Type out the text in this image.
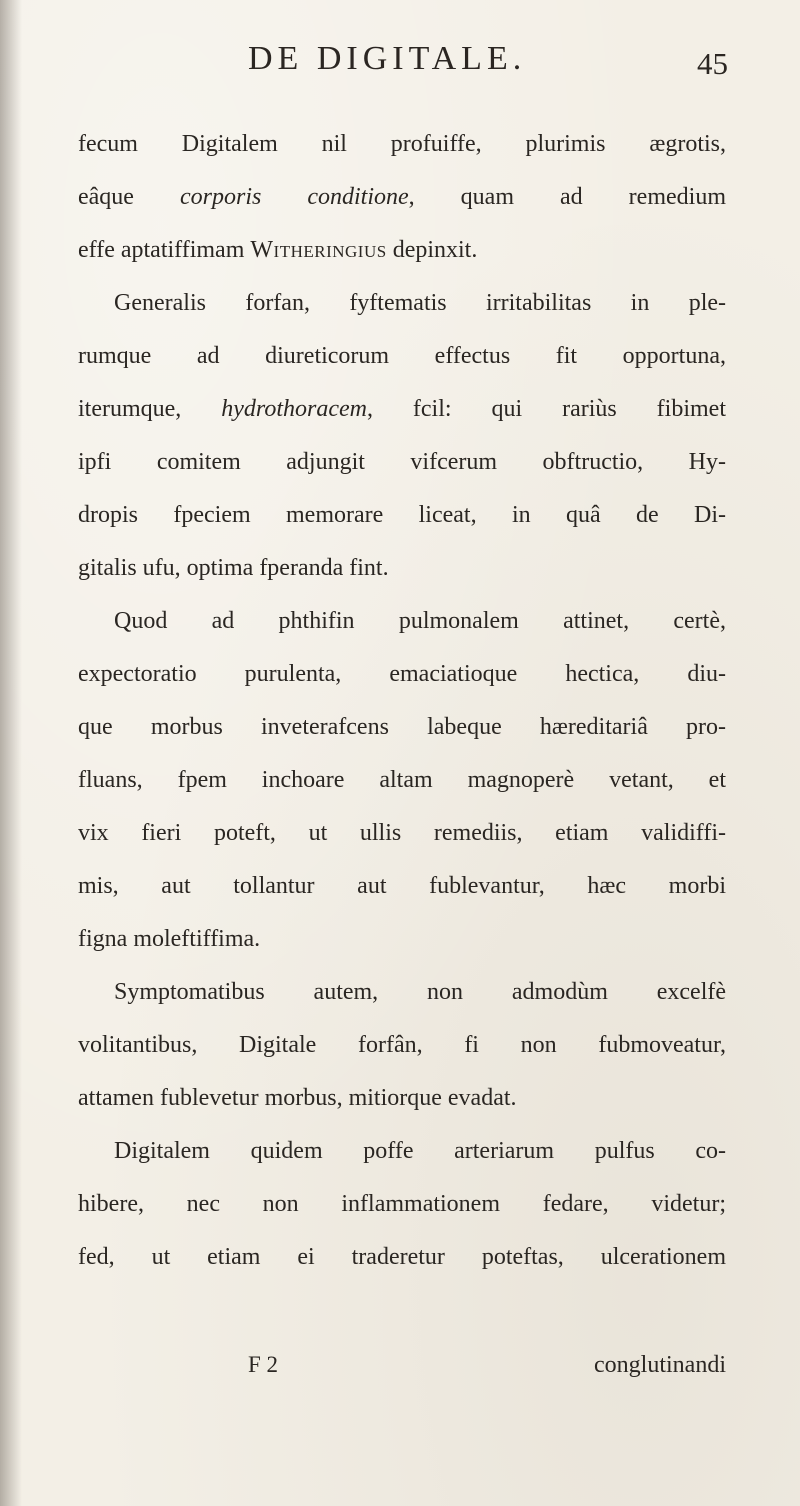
DE DIGITALE.	45
fecum Digitalem nil profuiffe, plurimis ægrotis,
eâque corporis conditione, quam ad remedium
effe aptatiffimam Witheringius depinxit.
Generalis forfan, fyftematis irritabilitas in ple-
rumque ad diureticorum effectus fit opportuna,
iterumque, hydrothoracem, fcil: qui rariùs fibimet
ipfi comitem adjungit vifcerum obftructio, Hy-
dropis fpeciem memorare liceat, in quâ de Di-
gitalis ufu, optima fperanda fint.
Quod ad phthifin pulmonalem attinet, certè,
expectoratio purulenta, emaciatioque hectica, diu-
que morbus inveterafcens labeque hæreditariâ pro-
fluans, fpem inchoare altam magnoperè vetant, et
vix fieri poteft, ut ullis remediis, etiam validiffi-
mis, aut tollantur aut fublevantur, hæc morbi
figna moleftiffima.
Symptomatibus autem, non admodùm excelfè
volitantibus, Digitale forfân, fi non fubmoveatur,
attamen fublevetur morbus, mitiorque evadat.
Digitalem quidem poffe arteriarum pulfus co-
hibere, nec non inflammationem fedare, videtur;
fed, ut etiam ei traderetur poteftas, ulcerationem
F 2	conglutinandi
